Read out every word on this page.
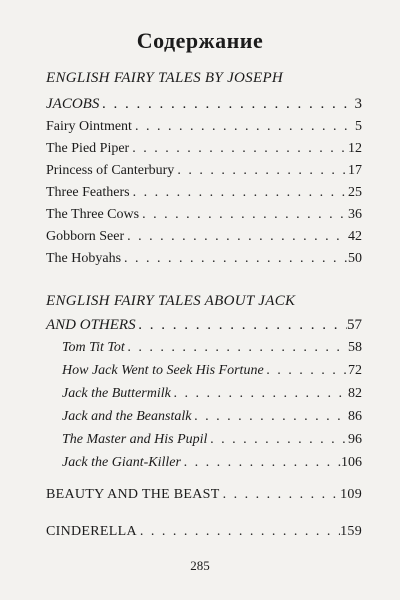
Содержание
ENGLISH FAIRY TALES BY JOSEPH
JACOBS . . .	3
Fairy Ointment . . .	5
The Pied Piper . . .	12
Princess of Canterbury . . .	17
Three Feathers . . .	25
The Three Cows . . .	36
Gobborn Seer . . .	42
The Hobyahs . . .	50
ENGLISH FAIRY TALES ABOUT JACK
AND OTHERS . . .	57
Tom Tit Tot . . .	58
How Jack Went to Seek His Fortune . . .	72
Jack the Buttermilk . . .	82
Jack and the Beanstalk . . .	86
The Master and His Pupil . . .	96
Jack the Giant-Killer . . .	106
BEAUTY AND THE BEAST . . .	109
CINDERELLA . . .	159
285
